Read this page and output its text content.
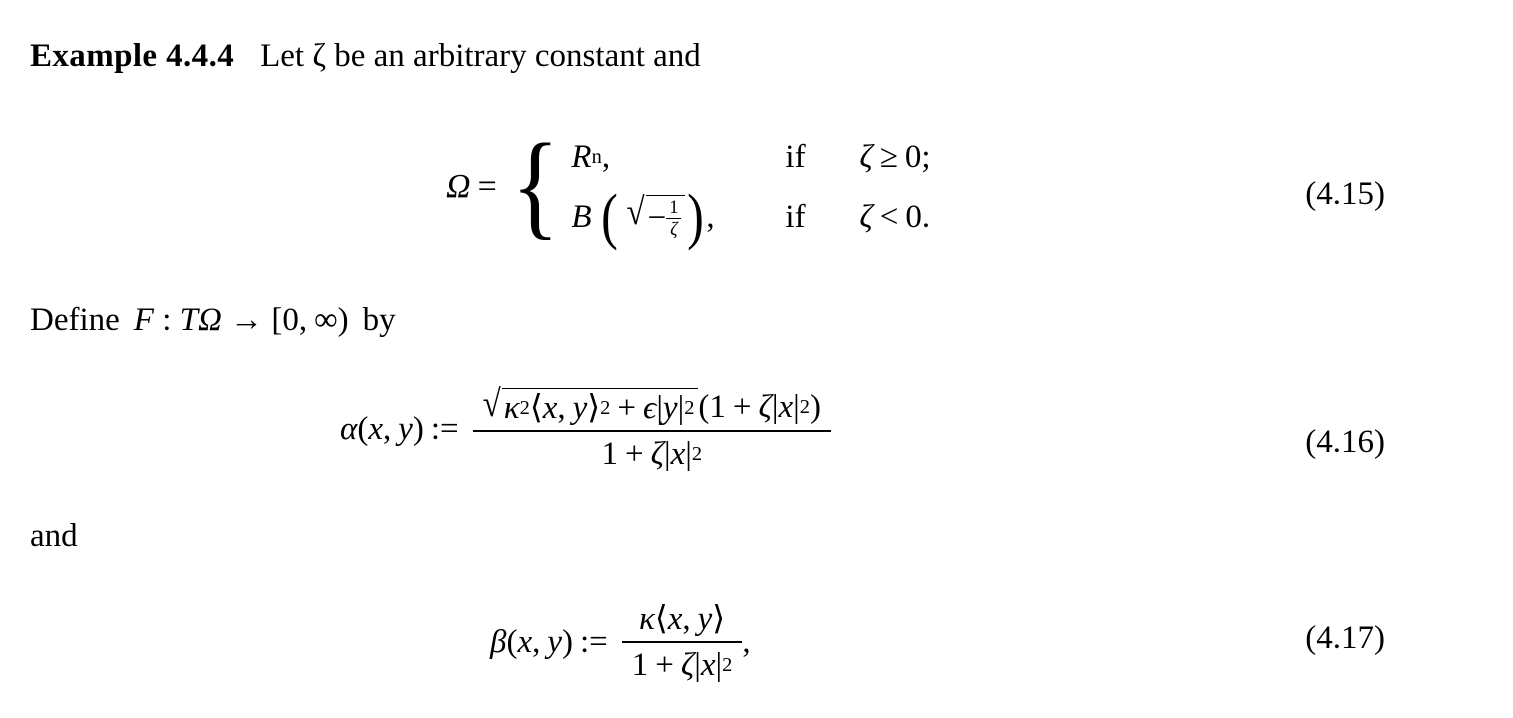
Example 4.4.4 Let ζ be an arbitrary constant and
Ω = { R n ,	if	ζ ≥ 0;
B ( √ − $\frac{1}{\zeta}$ ) ,	if	ζ < 0.
(4.15)
Define F : TΩ → [0, ∞) by
α(x, y) := $\frac{√ \kappa 2 ⟨ x , y ⟩ 2 + \epsilon | y | 2 ( 1 + \zeta | x | 2 )}{1 + \zeta | x | 2}$	(4.16)
and
β(x, y) := $\frac{\kappa ⟨ x , y ⟩}{1 + \zeta | x | 2}$ ,	(4.17)
